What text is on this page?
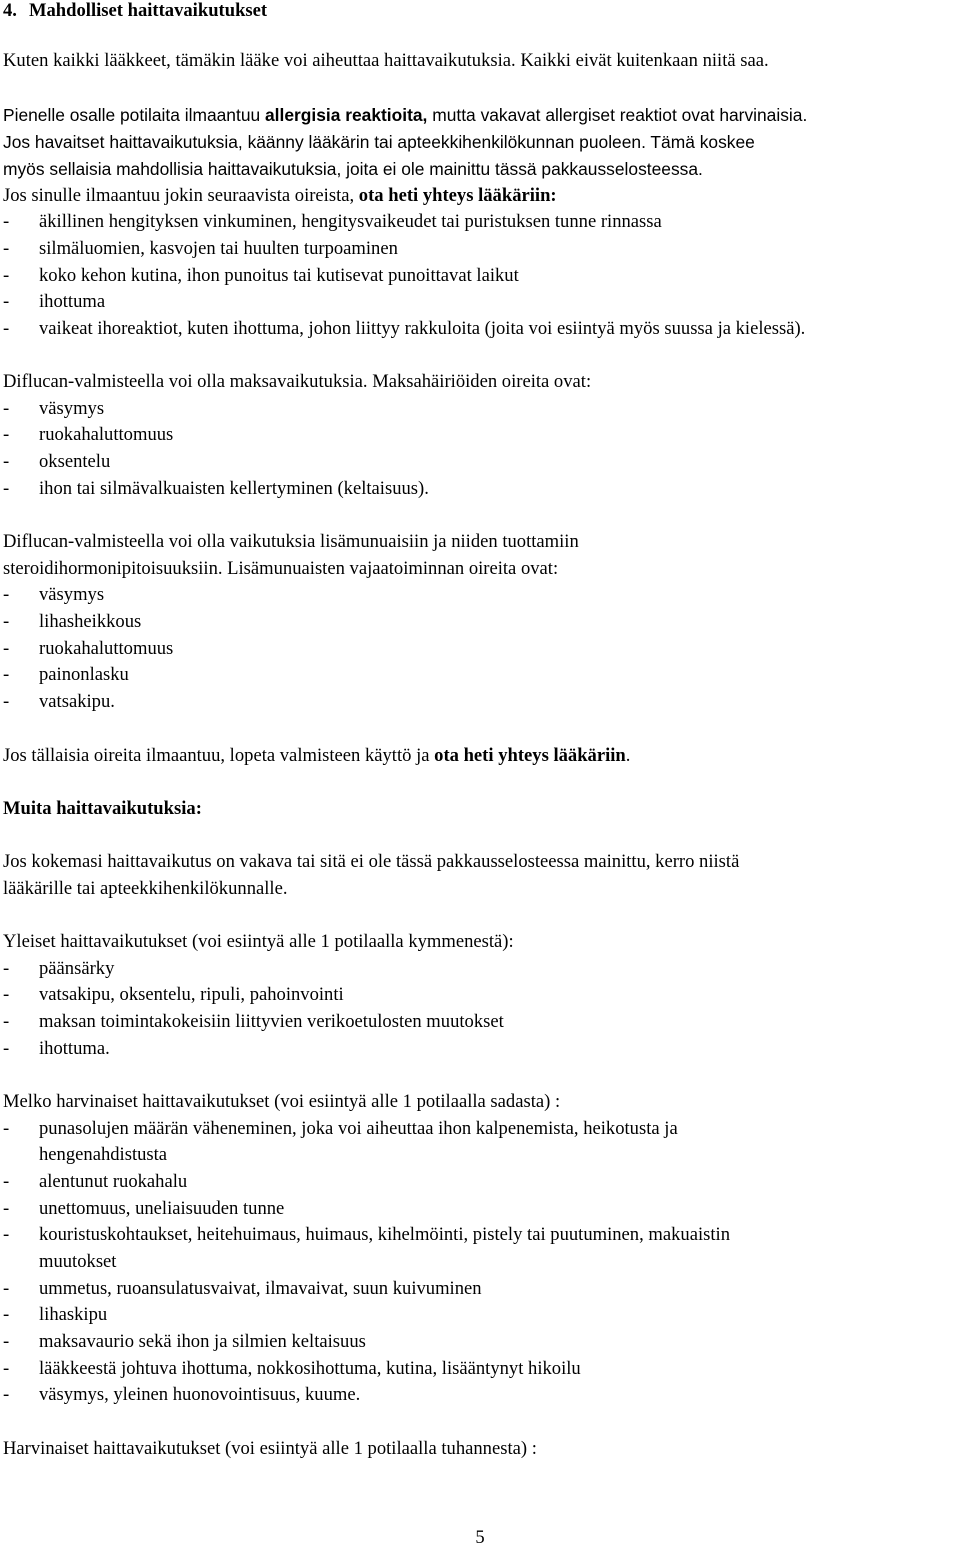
4. Mahdolliset haittavaikutukset
Kuten kaikki lääkkeet, tämäkin lääke voi aiheuttaa haittavaikutuksia. Kaikki eivät kuitenkaan niitä saa.
Pienelle osalle potilaita ilmaantuu allergisia reaktioita, mutta vakavat allergiset reaktiot ovat harvinaisia.
Jos havaitset haittavaikutuksia, käänny lääkärin tai apteekkihenkilökunnan puoleen. Tämä koskee
myös sellaisia mahdollisia haittavaikutuksia, joita ei ole mainittu tässä pakkausselosteessa.
Jos sinulle ilmaantuu jokin seuraavista oireista, ota heti yhteys lääkäriin:
- äkillinen hengityksen vinkuminen, hengitysvaikeudet tai puristuksen tunne rinnassa
- silmäluomien, kasvojen tai huulten turpoaminen
- koko kehon kutina, ihon punoitus tai kutisevat punoittavat laikut
- ihottuma
- vaikeat ihoreaktiot, kuten ihottuma, johon liittyy rakkuloita (joita voi esiintyä myös suussa ja kielessä).
Diflucan-valmisteella voi olla maksavaikutuksia. Maksahäiriöiden oireita ovat:
- väsymys
- ruokahaluttomuus
- oksentelu
- ihon tai silmävalkuaisten kellertyminen (keltaisuus).
Diflucan-valmisteella voi olla vaikutuksia lisämunuaisiin ja niiden tuottamiin
steroidihormonipitoisuuksiin. Lisämunuaisten vajaatoiminnan oireita ovat:
- väsymys
- lihasheikkous
- ruokahaluttomuus
- painonlasku
- vatsakipu.
Jos tällaisia oireita ilmaantuu, lopeta valmisteen käyttö ja ota heti yhteys lääkäriin.
Muita haittavaikutuksia:
Jos kokemasi haittavaikutus on vakava tai sitä ei ole tässä pakkausselosteessa mainittu, kerro niistä
lääkärille tai apteekkihenkilökunnalle.
Yleiset haittavaikutukset (voi esiintyä alle 1 potilaalla kymmenestä):
- päänsärky
- vatsakipu, oksentelu, ripuli, pahoinvointi
- maksan toimintakokeisiin liittyvien verikoetulosten muutokset
- ihottuma.
Melko harvinaiset haittavaikutukset (voi esiintyä alle 1 potilaalla sadasta) :
- punasolujen määrän väheneminen, joka voi aiheuttaa ihon kalpenemista, heikotusta ja
hengenahdistusta
- alentunut ruokahalu
- unettomuus, uneliaisuuden tunne
- kouristuskohtaukset, heitehuimaus, huimaus, kihelmöinti, pistely tai puutuminen, makuaistin
muutokset
- ummetus, ruoansulatusvaivat, ilmavaivat, suun kuivuminen
- lihaskipu
- maksavaurio sekä ihon ja silmien keltaisuus
- lääkkeestä johtuva ihottuma, nokkosihottuma, kutina, lisääntynyt hikoilu
- väsymys, yleinen huonovointisuus, kuume.
Harvinaiset haittavaikutukset (voi esiintyä alle 1 potilaalla tuhannesta) :
5
